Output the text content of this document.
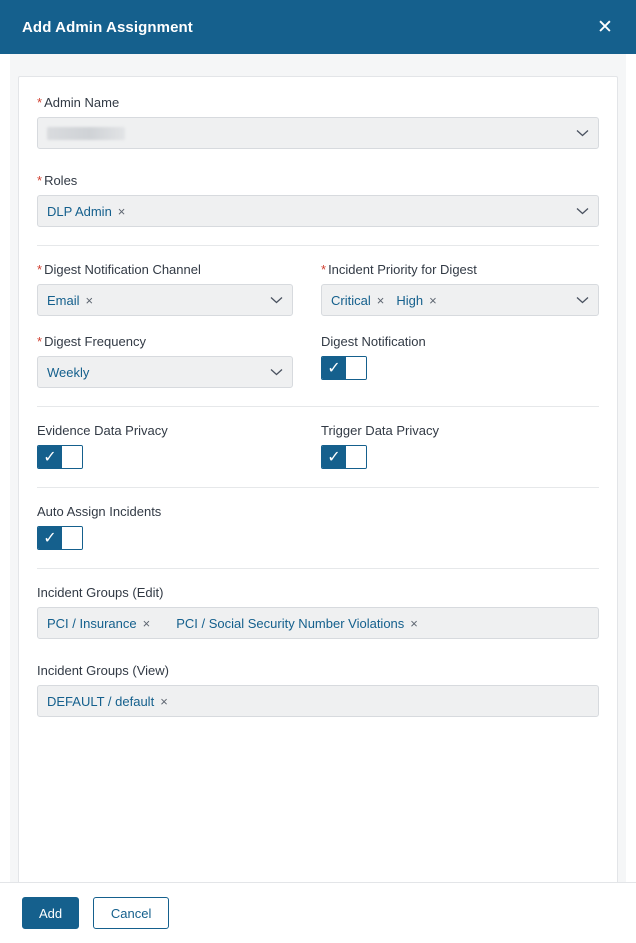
Add Admin Assignment	✕
* Admin Name
* Roles
DLP Admin ×
* Digest Notification Channel
Email ×
* Incident Priority for Digest
Critical × High ×
* Digest Frequency
Weekly
Digest Notification
✓
Evidence Data Privacy
✓
Trigger Data Privacy
✓
Auto Assign Incidents
✓
Incident Groups (Edit)
PCI / Insurance × PCI / Social Security Number Violations ×
Incident Groups (View)
DEFAULT / default ×
Add	Cancel
